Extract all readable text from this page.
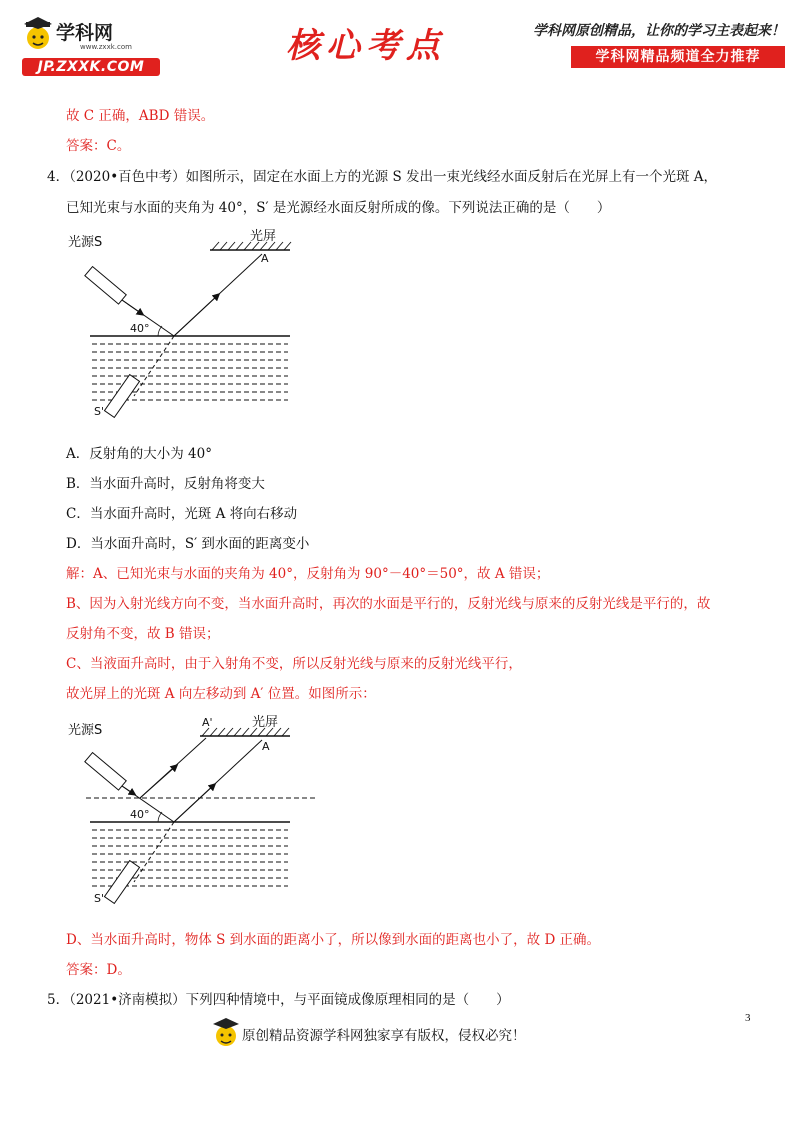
学科网
www.zxxk.com
JP.ZXXK.COM
核心考点	学科网原创精品，让你的学习主表起来！
学科网精品频道全力推荐
故 C 正确，ABD 错误。
答案：C。
4．（2020•百色中考）如图所示，固定在水面上方的光源 S 发出一束光线经水面反射后在光屏上有一个光斑 A，
已知光束与水面的夹角为 40°，S′ 是光源经水面反射所成的像。下列说法正确的是（　　）
光屏
A
光源S
40°
S'
A．反射角的大小为 40°
B．当水面升高时，反射角将变大
C．当水面升高时，光斑 A 将向右移动
D．当水面升高时，S′ 到水面的距离变小
解：A、已知光束与水面的夹角为 40°，反射角为 90°－40°＝50°，故 A 错误；
B、因为入射光线方向不变，当水面升高时，再次的水面是平行的，反射光线与原来的反射光线是平行的，故
反射角不变，故 B 错误；
C、当液面升高时，由于入射角不变，所以反射光线与原来的反射光线平行，
故光屏上的光斑 A 向左移动到 A′ 位置。如图所示：
光屏
A'
A
光源S
40°
S'
D、当水面升高时，物体 S 到水面的距离小了，所以像到水面的距离也小了，故 D 正确。
答案：D。
5．（2021•济南模拟）下列四种情境中，与平面镜成像原理相同的是（　　）
3
原创精品资源学科网独家享有版权，侵权必究！
